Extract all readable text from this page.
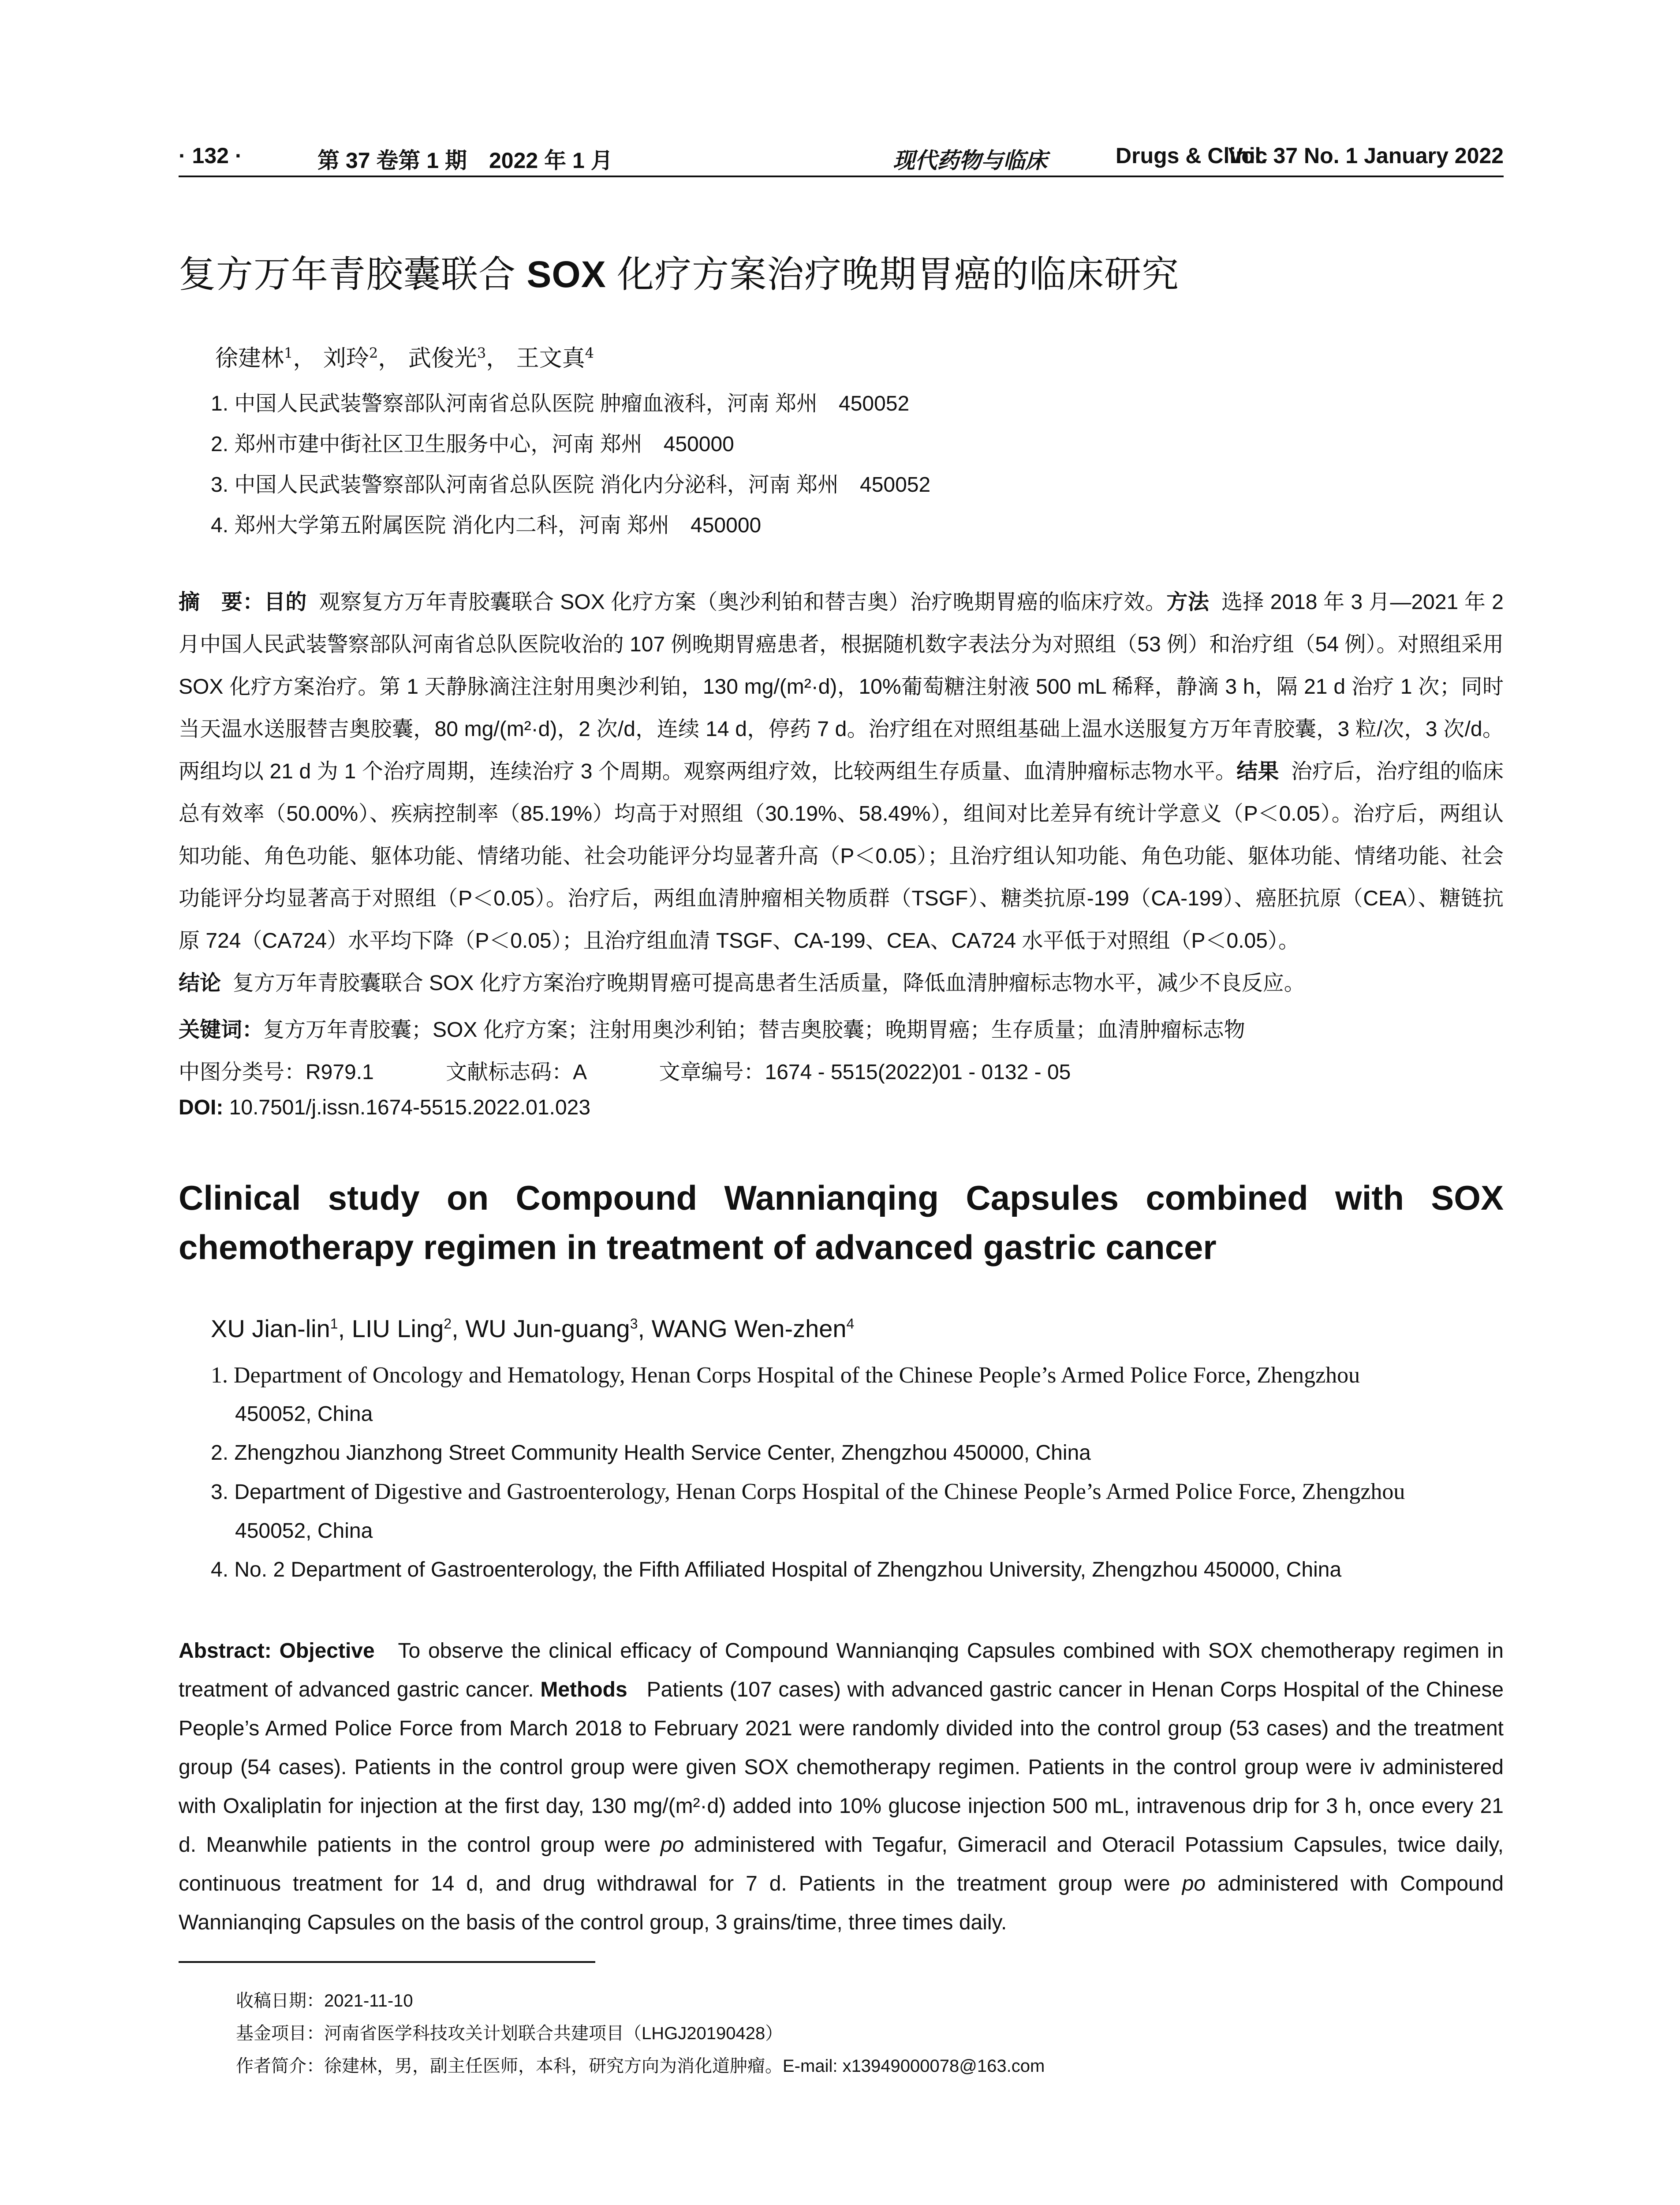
· 132 ·	第 37 卷第 1 期　2022 年 1 月	现代药物与临床	Drugs & Clinic
Vol. 37 No. 1 January 2022
复方万年青胶囊联合 SOX 化疗方案治疗晚期胃癌的临床研究
徐建林$^1$， 刘玲$^2$， 武俊光$^3$， 王文真$^4$
1. 中国人民武装警察部队河南省总队医院 肿瘤血液科，河南 郑州　450052
2. 郑州市建中街社区卫生服务中心，河南 郑州　450000
3. 中国人民武装警察部队河南省总队医院 消化内分泌科，河南 郑州　450052
4. 郑州大学第五附属医院 消化内二科，河南 郑州　450000
摘　要：目的 观察复方万年青胶囊联合 SOX 化疗方案（奥沙利铂和替吉奥）治疗晚期胃癌的临床疗效。方法 选择 2018 年 3 月—2021 年 2 月中国人民武装警察部队河南省总队医院收治的 107 例晚期胃癌患者，根据随机数字表法分为对照组（53 例）和治疗组（54 例）。对照组采用 SOX 化疗方案治疗。第 1 天静脉滴注注射用奥沙利铂，130 mg/(m²·d)，10%葡萄糖注射液 500 mL 稀释，静滴 3 h，隔 21 d 治疗 1 次；同时当天温水送服替吉奥胶囊，80 mg/(m²·d)，2 次/d，连续 14 d，停药 7 d。治疗组在对照组基础上温水送服复方万年青胶囊，3 粒/次，3 次/d。两组均以 21 d 为 1 个治疗周期，连续治疗 3 个周期。观察两组疗效，比较两组生存质量、血清肿瘤标志物水平。结果 治疗后，治疗组的临床总有效率（50.00%）、疾病控制率（85.19%）均高于对照组（30.19%、58.49%），组间对比差异有统计学意义（P＜0.05）。治疗后，两组认知功能、角色功能、躯体功能、情绪功能、社会功能评分均显著升高（P＜0.05）；且治疗组认知功能、角色功能、躯体功能、情绪功能、社会功能评分均显著高于对照组（P＜0.05）。治疗后，两组血清肿瘤相关物质群（TSGF）、糖类抗原-199（CA-199）、癌胚抗原（CEA）、糖链抗原 724（CA724）水平均下降（P＜0.05）；且治疗组血清 TSGF、CA-199、CEA、CA724 水平低于对照组（P＜0.05）。
结论 复方万年青胶囊联合 SOX 化疗方案治疗晚期胃癌可提高患者生活质量，降低血清肿瘤标志物水平，减少不良反应。
关键词：复方万年青胶囊；SOX 化疗方案；注射用奥沙利铂；替吉奥胶囊；晚期胃癌；生存质量；血清肿瘤标志物
中图分类号：R979.1	文献标志码：A	文章编号：1674 - 5515(2022)01 - 0132 - 05
DOI: 10.7501/j.issn.1674-5515.2022.01.023
Clinical study on Compound Wannianqing Capsules combined with SOX
chemotherapy regimen in treatment of advanced gastric cancer
XU Jian-lin$^1$, LIU Ling$^2$, WU Jun-guang$^3$, WANG Wen-zhen$^4$
1. Department of Oncology and Hematology, Henan Corps Hospital of the Chinese People’s Armed Police Force, Zhengzhou
450052, China
2. Zhengzhou Jianzhong Street Community Health Service Center, Zhengzhou 450000, China
3. Department of Digestive and Gastroenterology, Henan Corps Hospital of the Chinese People’s Armed Police Force, Zhengzhou
450052, China
4. No. 2 Department of Gastroenterology, the Fifth Affiliated Hospital of Zhengzhou University, Zhengzhou 450000, China
Abstract: Objective To observe the clinical efficacy of Compound Wannianqing Capsules combined with SOX chemotherapy regimen in treatment of advanced gastric cancer. Methods Patients (107 cases) with advanced gastric cancer in Henan Corps Hospital of the Chinese People’s Armed Police Force from March 2018 to February 2021 were randomly divided into the control group (53 cases) and the treatment group (54 cases). Patients in the control group were given SOX chemotherapy regimen. Patients in the control group were iv administered with Oxaliplatin for injection at the first day, 130 mg/(m²·d) added into 10% glucose injection 500 mL, intravenous drip for 3 h, once every 21 d. Meanwhile patients in the control group were po administered with Tegafur, Gimeracil and Oteracil Potassium Capsules, twice daily, continuous treatment for 14 d, and drug withdrawal for 7 d. Patients in the treatment group were po administered with Compound Wannianqing Capsules on the basis of the control group, 3 grains/time, three times daily.
收稿日期：2021-11-10
基金项目：河南省医学科技攻关计划联合共建项目（LHGJ20190428）
作者简介：徐建林，男，副主任医师，本科，研究方向为消化道肿瘤。E-mail: x13949000078@163.com
